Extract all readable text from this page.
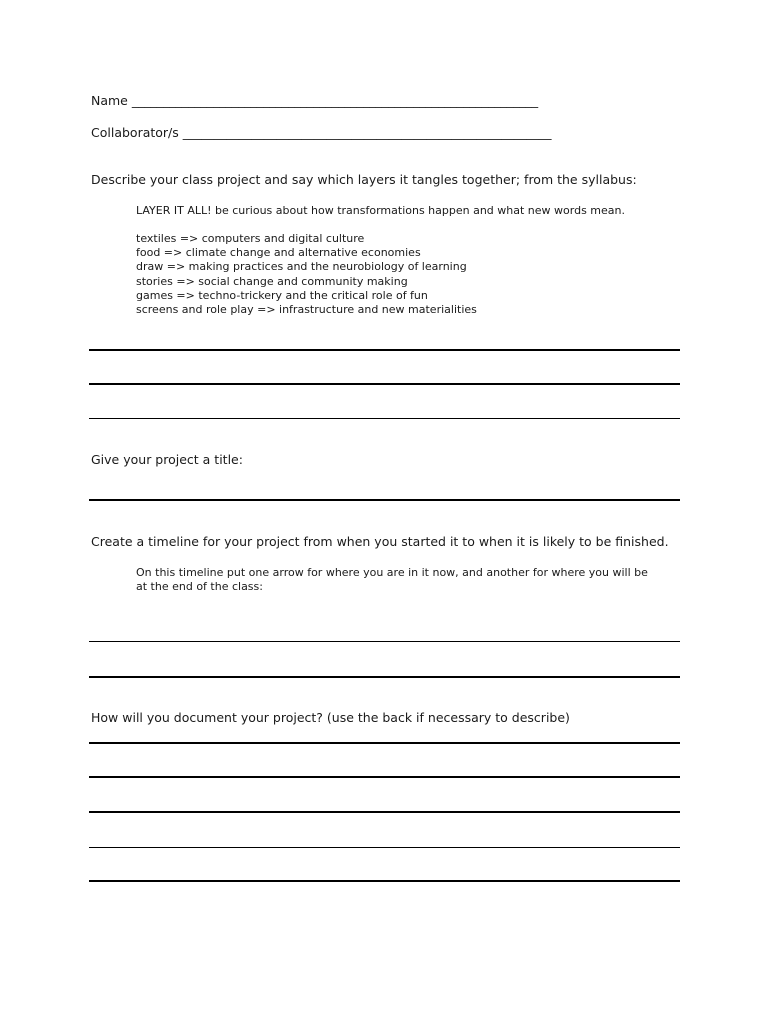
Name _________________________________________________________________
Collaborator/s ___________________________________________________________
Describe your class project and say which layers it tangles together; from the syllabus:
LAYER IT ALL! be curious about how transformations happen and what new words mean.
textiles => computers and digital culture
food => climate change and alternative economies
draw => making practices and the neurobiology of learning
stories => social change and community making
games => techno-trickery and the critical role of fun
screens and role play => infrastructure and new materialities
Give your project a title:
Create a timeline for your project from when you started it to when it is likely to be finished.
On this timeline put one arrow for where you are in it now, and another for where you will be
at the end of the class:
How will you document your project? (use the back if necessary to describe)
